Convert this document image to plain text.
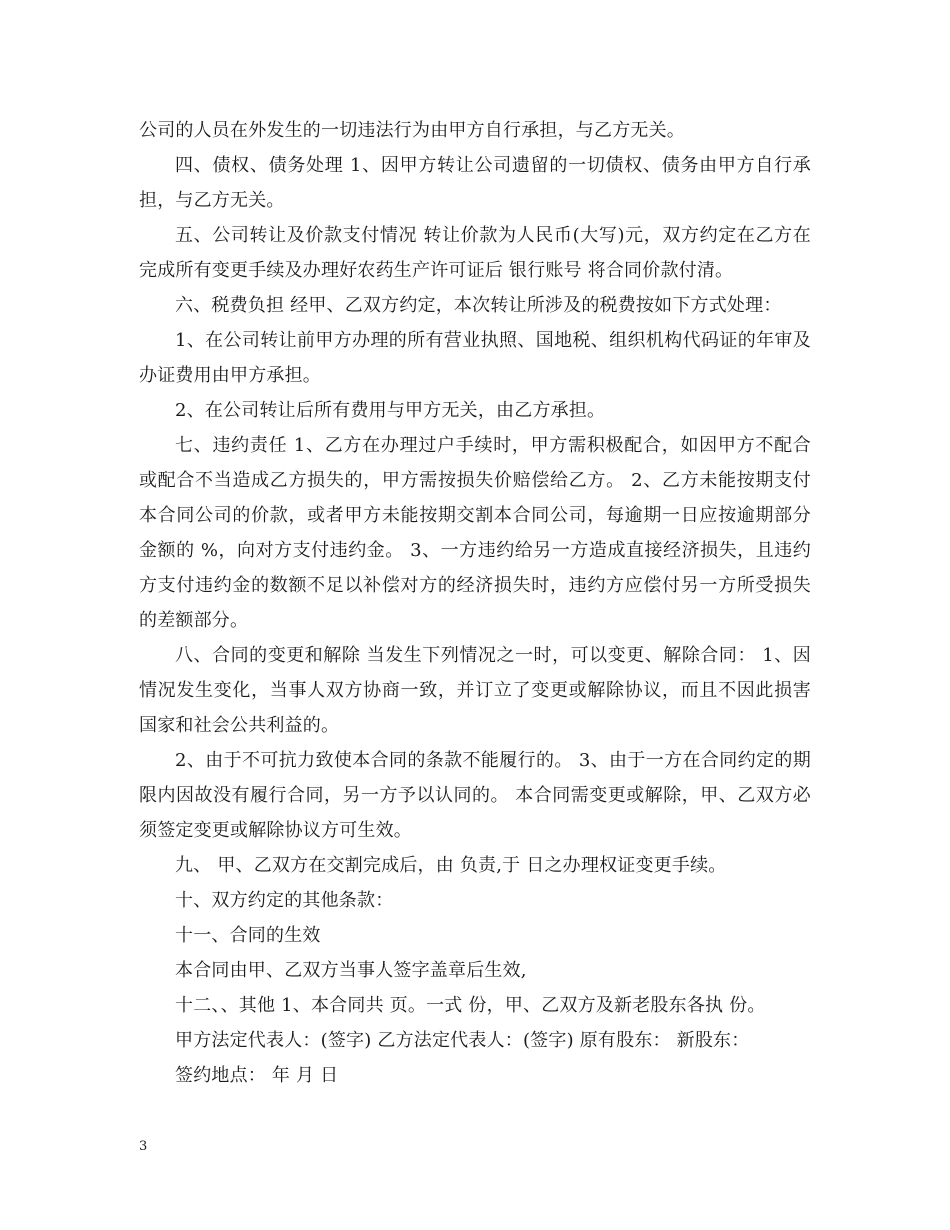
公司的人员在外发生的一切违法行为由甲方自行承担，与乙方无关。

四、债权、债务处理 1、因甲方转让公司遗留的一切债权、债务由甲方自行承担，与乙方无关。

五、公司转让及价款支付情况 转让价款为人民币(大写)元，双方约定在乙方在完成所有变更手续及办理好农药生产许可证后 银行账号 将合同价款付清。

六、税费负担 经甲、乙双方约定，本次转让所涉及的税费按如下方式处理：

1、在公司转让前甲方办理的所有营业执照、国地税、组织机构代码证的年审及办证费用由甲方承担。

2、在公司转让后所有费用与甲方无关，由乙方承担。

七、违约责任 1、乙方在办理过户手续时，甲方需积极配合，如因甲方不配合或配合不当造成乙方损失的，甲方需按损失价赔偿给乙方。 2、乙方未能按期支付本合同公司的价款，或者甲方未能按期交割本合同公司，每逾期一日应按逾期部分金额的 %，向对方支付违约金。 3、一方违约给另一方造成直接经济损失，且违约方支付违约金的数额不足以补偿对方的经济损失时，违约方应偿付另一方所受损失的差额部分。

八、合同的变更和解除 当发生下列情况之一时，可以变更、解除合同： 1、因情况发生变化，当事人双方协商一致，并订立了变更或解除协议，而且不因此损害国家和社会公共利益的。

2、由于不可抗力致使本合同的条款不能履行的。 3、由于一方在合同约定的期限内因故没有履行合同，另一方予以认同的。 本合同需变更或解除，甲、乙双方必须签定变更或解除协议方可生效。

九、 甲、乙双方在交割完成后，由 负责,于 日之办理权证变更手续。

十、双方约定的其他条款：

十一、合同的生效

本合同由甲、乙双方当事人签字盖章后生效,

十二、、其他 1、本合同共 页。一式 份，甲、乙双方及新老股东各执 份。

甲方法定代表人：(签字) 乙方法定代表人：(签字) 原有股东： 新股东：

签约地点： 年 月 日

3
